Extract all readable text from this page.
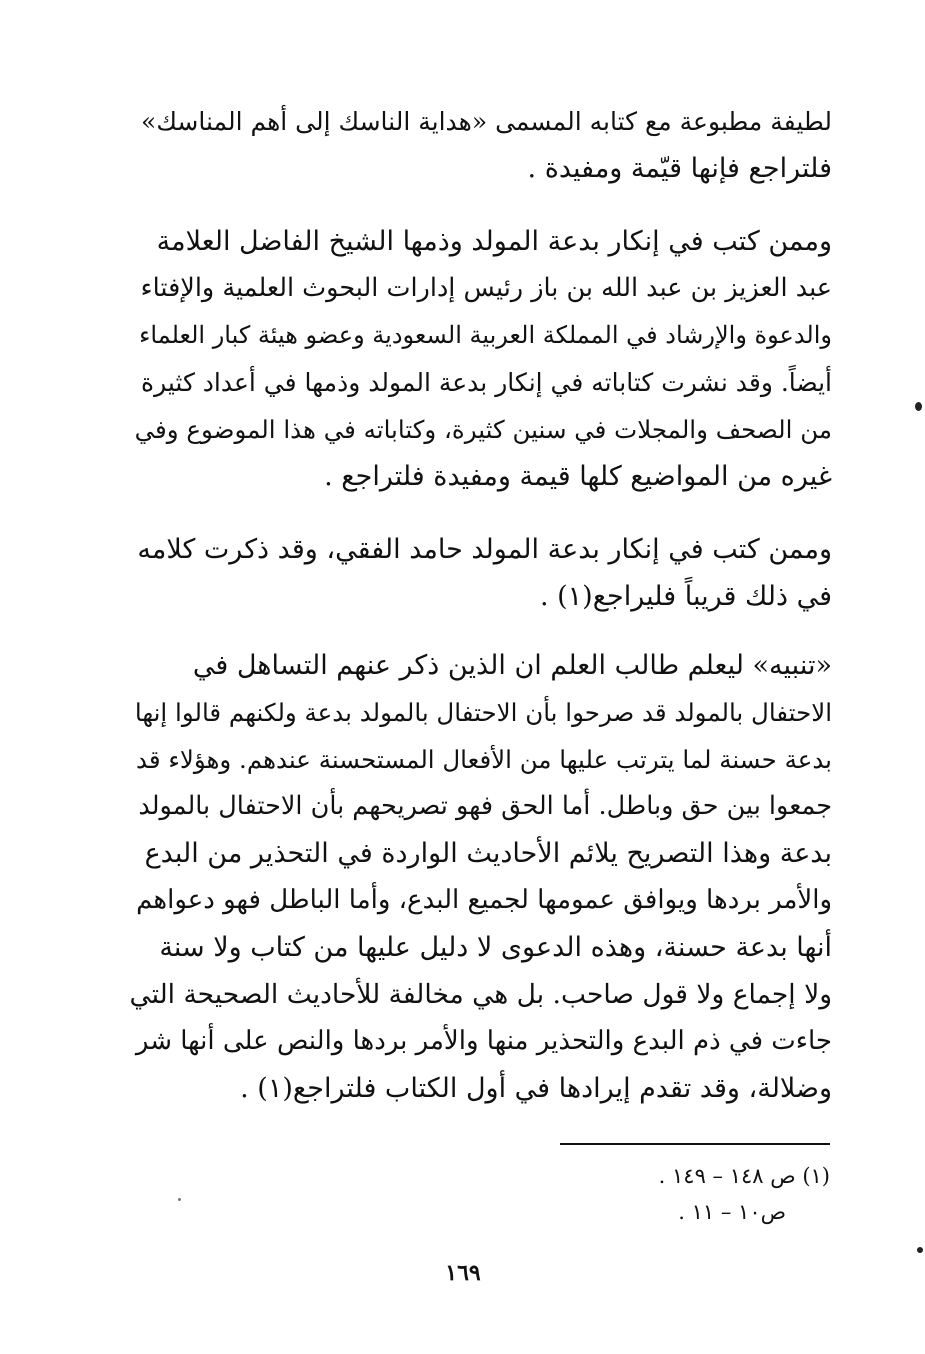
لطيفة مطبوعة مع كتابه المسمى «هداية الناسك إلى أهم المناسك»
فلتراجع فإنها قيّمة ومفيدة .
وممن كتب في إنكار بدعة المولد وذمها الشيخ الفاضل العلامة
عبد العزيز بن عبد الله بن باز رئيس إدارات البحوث العلمية والإفتاء
والدعوة والإرشاد في المملكة العربية السعودية وعضو هيئة كبار العلماء
أيضاً. وقد نشرت كتاباته في إنكار بدعة المولد وذمها في أعداد كثيرة
من الصحف والمجلات في سنين كثيرة، وكتاباته في هذا الموضوع وفي
غيره من المواضيع كلها قيمة ومفيدة فلتراجع .
وممن كتب في إنكار بدعة المولد حامد الفقي، وقد ذكرت كلامه
في ذلك قريباً فليراجع(١) .
«تنبيه» ليعلم طالب العلم ان الذين ذكر عنهم التساهل في
الاحتفال بالمولد قد صرحوا بأن الاحتفال بالمولد بدعة ولكنهم قالوا إنها
بدعة حسنة لما يترتب عليها من الأفعال المستحسنة عندهم. وهؤلاء قد
جمعوا بين حق وباطل. أما الحق فهو تصريحهم بأن الاحتفال بالمولد
بدعة وهذا التصريح يلائم الأحاديث الواردة في التحذير من البدع
والأمر بردها ويوافق عمومها لجميع البدع، وأما الباطل فهو دعواهم
أنها بدعة حسنة، وهذه الدعوى لا دليل عليها من كتاب ولا سنة
ولا إجماع ولا قول صاحب. بل هي مخالفة للأحاديث الصحيحة التي
جاءت في ذم البدع والتحذير منها والأمر بردها والنص على أنها شر
وضلالة، وقد تقدم إيرادها في أول الكتاب فلتراجع(١) .
(١) ص ١٤٨ – ١٤٩ .
ص١٠ – ١١ .
١٦٩
